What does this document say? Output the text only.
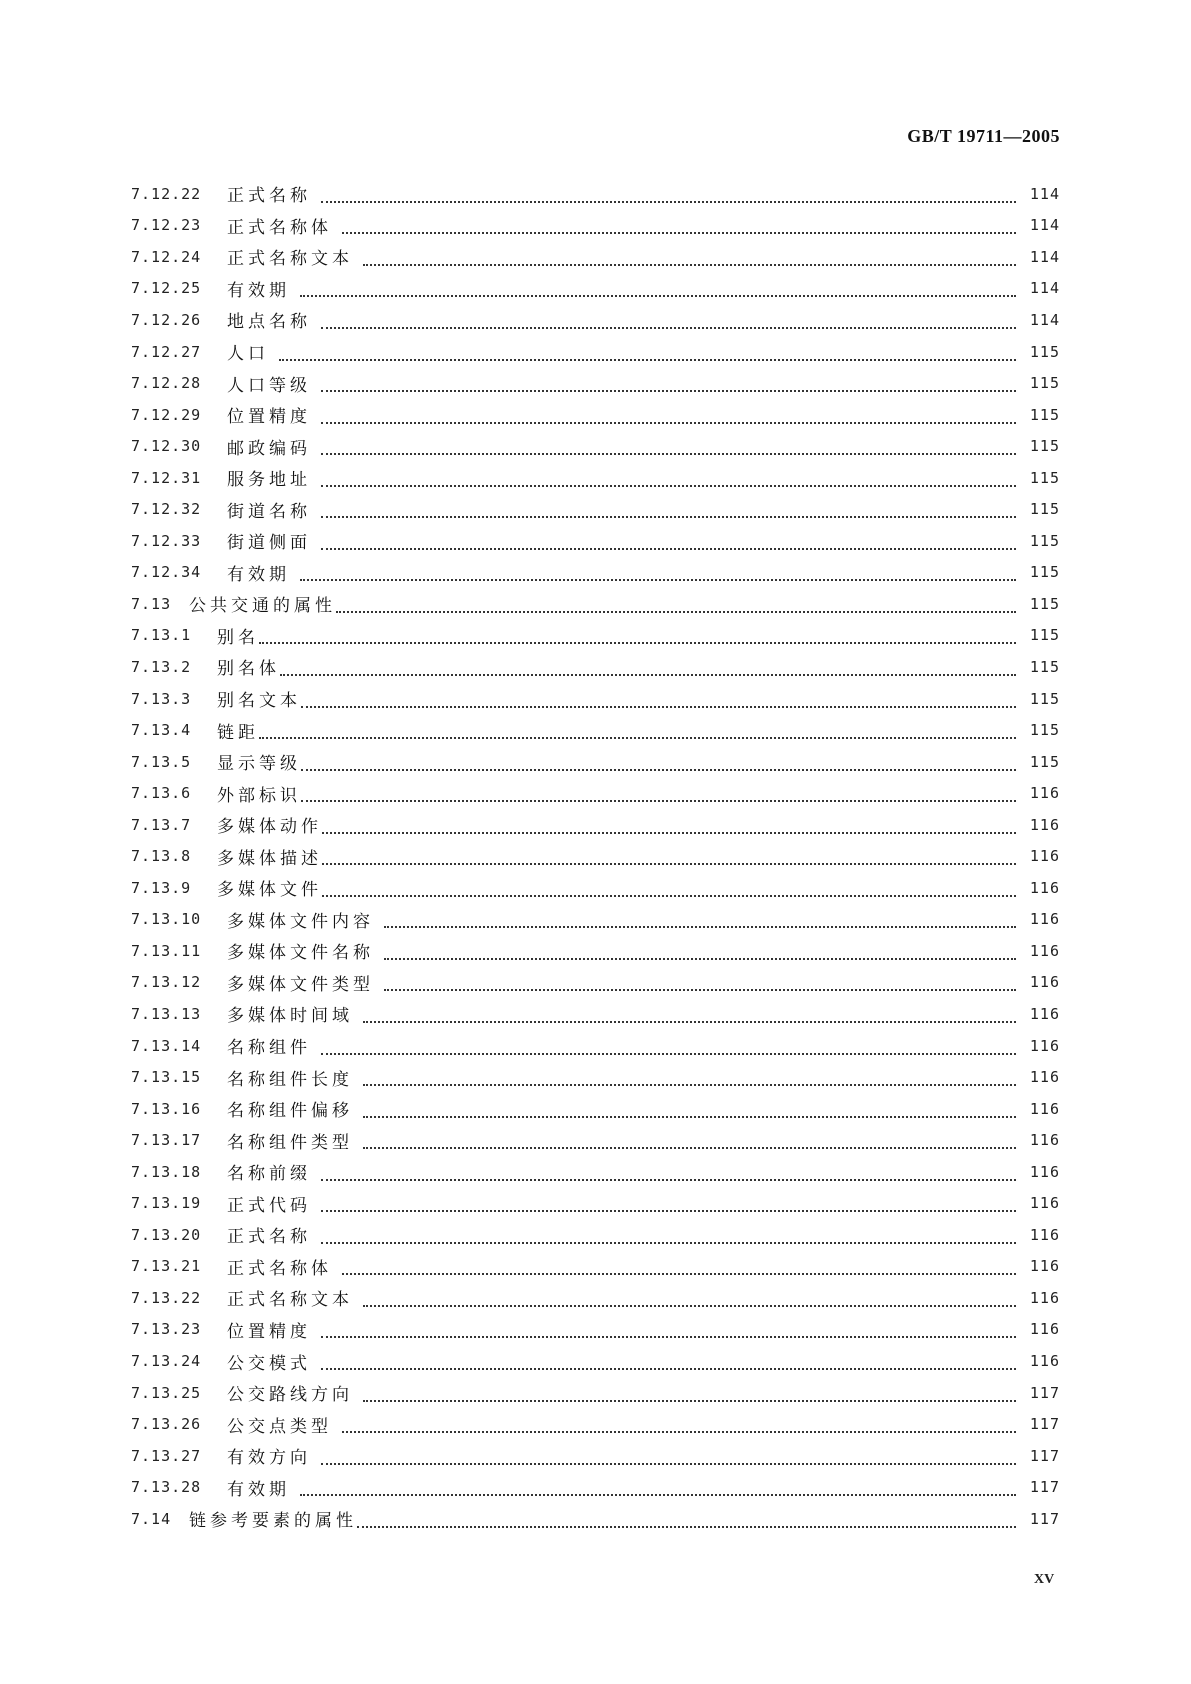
GB/T 19711—2005
7.12.22	正式名称	114
7.12.23	正式名称体	114
7.12.24	正式名称文本	114
7.12.25	有效期	114
7.12.26	地点名称	114
7.12.27	人口	115
7.12.28	人口等级	115
7.12.29	位置精度	115
7.12.30	邮政编码	115
7.12.31	服务地址	115
7.12.32	街道名称	115
7.12.33	街道侧面	115
7.12.34	有效期	115
7.13	公共交通的属性	115
7.13.1	别名	115
7.13.2	别名体	115
7.13.3	别名文本	115
7.13.4	链距	115
7.13.5	显示等级	115
7.13.6	外部标识	116
7.13.7	多媒体动作	116
7.13.8	多媒体描述	116
7.13.9	多媒体文件	116
7.13.10	多媒体文件内容	116
7.13.11	多媒体文件名称	116
7.13.12	多媒体文件类型	116
7.13.13	多媒体时间域	116
7.13.14	名称组件	116
7.13.15	名称组件长度	116
7.13.16	名称组件偏移	116
7.13.17	名称组件类型	116
7.13.18	名称前缀	116
7.13.19	正式代码	116
7.13.20	正式名称	116
7.13.21	正式名称体	116
7.13.22	正式名称文本	116
7.13.23	位置精度	116
7.13.24	公交模式	116
7.13.25	公交路线方向	117
7.13.26	公交点类型	117
7.13.27	有效方向	117
7.13.28	有效期	117
7.14	链参考要素的属性	117
XV
